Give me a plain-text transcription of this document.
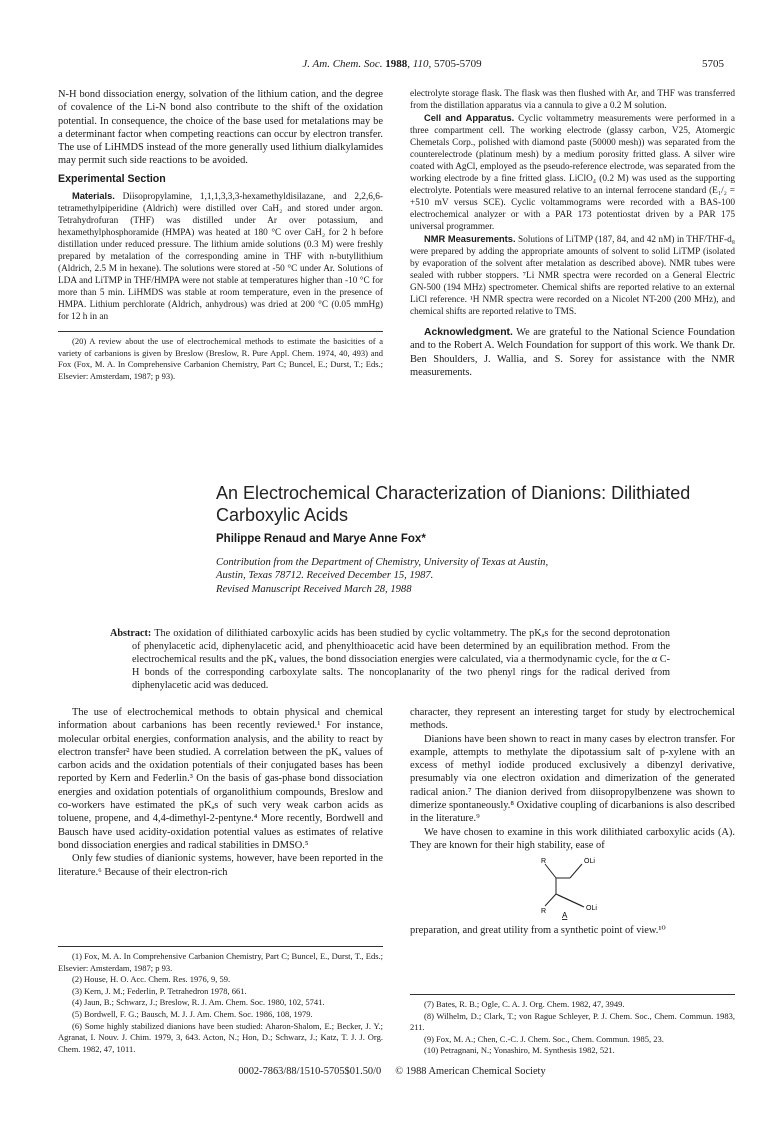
J. Am. Chem. Soc. 1988, 110, 5705-5709	5705

N-H bond dissociation energy, solvation of the lithium cation, and the degree of covalence of the Li-N bond also contribute to the shift of the oxidation potential. In consequence, the choice of the base used for metalations may be a determinant factor when competing reactions can occur by electron transfer. The use of LiHMDS instead of the more generally used lithium dialkylamides may permit such side reactions to be avoided.

Experimental Section

Materials. Diisopropylamine, 1,1,1,3,3,3-hexamethyldisilazane, and 2,2,6,6-tetramethylpiperidine (Aldrich) were distilled over CaH₂ and stored under argon. Tetrahydrofuran (THF) was distilled under Ar over potassium, and hexamethylphosphoramide (HMPA) was heated at 180 °C over CaH₂ for 2 h before distillation under reduced pressure. The lithium amide solutions (0.3 M) were freshly prepared by metalation of the corresponding amine in THF with n-butyllithium (Aldrich, 2.5 M in hexane). The solutions were stored at -50 °C under Ar. Solutions of LDA and LiTMP in THF/HMPA were not stable at temperatures higher than -10 °C for more than 5 min. LiHMDS was stable at room temperature, even in the presence of HMPA. Lithium perchlorate (Aldrich, anhydrous) was dried at 200 °C (0.05 mmHg) for 12 h in an

(20) A review about the use of electrochemical methods to estimate the basicities of a variety of carbanions is given by Breslow (Breslow, R. Pure Appl. Chem. 1974, 40, 493) and Fox (Fox, M. A. In Comprehensive Carbanion Chemistry, Part C; Buncel, E.; Durst, T.; Eds.; Elsevier: Amsterdam, 1987; p 93).

electrolyte storage flask. The flask was then flushed with Ar, and THF was transferred from the distillation apparatus via a cannula to give a 0.2 M solution.

Cell and Apparatus. Cyclic voltammetry measurements were performed in a three compartment cell. The working electrode (glassy carbon, V25, Atomergic Chemetals Corp., polished with diamond paste (50000 mesh)) was separated from the counterelectrode (platinum mesh) by a medium porosity fritted glass. A silver wire coated with AgCl, employed as the pseudo-reference electrode, was separated from the working electrode by a fine fritted glass. LiClO₄ (0.2 M) was used as the supporting electrolyte. Potentials were measured relative to an internal ferrocene standard (E₁/₂ = +510 mV versus SCE). Cyclic voltammograms were recorded with a BAS-100 electrochemical analyzer or with a PAR 173 potentiostat driven by a PAR 175 universal programmer.

NMR Measurements. Solutions of LiTMP (187, 84, and 42 nM) in THF/THF-d₈ were prepared by adding the appropriate amounts of solvent to solid LiTMP (isolated by evaporation of the solvent after metalation as described above). NMR tubes were sealed with rubber stoppers. ⁷Li NMR spectra were recorded on a General Electric GN-500 (194 MHz) spectrometer. Chemical shifts are reported relative to an external LiCl reference. ¹H NMR spectra were recorded on a Nicolet NT-200 (200 MHz), and chemical shifts are reported relative to TMS.

Acknowledgment. We are grateful to the National Science Foundation and to the Robert A. Welch Foundation for support of this work. We thank Dr. Ben Shoulders, J. Wallia, and S. Sorey for assistance with the NMR measurements.

An Electrochemical Characterization of Dianions: Dilithiated Carboxylic Acids
Philippe Renaud and Marye Anne Fox*
Contribution from the Department of Chemistry, University of Texas at Austin,
Austin, Texas 78712. Received December 15, 1987.
Revised Manuscript Received March 28, 1988
Abstract: The oxidation of dilithiated carboxylic acids has been studied by cyclic voltammetry. The pKₐs for the second deprotonation of phenylacetic acid, diphenylacetic acid, and phenylthioacetic acid have been determined by an equilibration method. From the electrochemical results and the pKₐ values, the bond dissociation energies were calculated, via a thermodynamic cycle, for the α C-H bonds of the corresponding carboxylate salts. The noncoplanarity of the two phenyl rings for the radical derived from diphenylacetic acid was deduced.

The use of electrochemical methods to obtain physical and chemical information about carbanions has been recently reviewed.¹ For instance, molecular orbital energies, conformation analysis, and the ability to react by electron transfer² have been studied. A correlation between the pKₐ values of carbon acids and the oxidation potentials of their conjugated bases has been reported by Kern and Federlin.³ On the basis of gas-phase bond dissociation energies and oxidation potentials of organolithium compounds, Breslow and co-workers have estimated the pKₐs of such very weak carbon acids as toluene, propene, and 4,4-dimethyl-2-pentyne.⁴ More recently, Bordwell and Bausch have used acidity-oxidation potential values as estimates of relative bond dissociation energies and radical stabilities in DMSO.⁵

Only few studies of dianionic systems, however, have been reported in the literature.⁶ Because of their electron-rich

(1) Fox, M. A. In Comprehensive Carbanion Chemistry, Part C; Buncel, E., Durst, T., Eds.; Elsevier: Amsterdam, 1987; p 93.

(2) House, H. O. Acc. Chem. Res. 1976, 9, 59.

(3) Kern, J. M.; Federlin, P. Tetrahedron 1978, 661.

(4) Jaun, B.; Schwarz, J.; Breslow, R. J. Am. Chem. Soc. 1980, 102, 5741.

(5) Bordwell, F. G.; Bausch, M. J. J. Am. Chem. Soc. 1986, 108, 1979.

(6) Some highly stabilized dianions have been studied: Aharon-Shalom, E.; Becker, J. Y.; Agranat, I. Nouv. J. Chim. 1979, 3, 643. Acton, N.; Hon, D.; Schwarz, J.; Katz, T. J. J. Org. Chem. 1982, 47, 1011.

character, they represent an interesting target for study by electrochemical methods.

Dianions have been shown to react in many cases by electron transfer. For example, attempts to methylate the dipotassium salt of p-xylene with an excess of methyl iodide produced exclusively a dibenzyl derivative, presumably via one electron oxidation and dimerization of the generated radical anion.⁷ The dianion derived from diisopropylbenzene was shown to dimerize spontaneously.⁸ Oxidative coupling of dicarbanions is also described in the literature.⁹

We have chosen to examine in this work dilithiated carboxylic acids (A). They are known for their high stability, ease of

R	OLi
R	OLi
A

preparation, and great utility from a synthetic point of view.¹⁰

(7) Bates, R. B.; Ogle, C. A. J. Org. Chem. 1982, 47, 3949.

(8) Wilhelm, D.; Clark, T.; von Rague Schleyer, P. J. Chem. Soc., Chem. Commun. 1983, 211.

(9) Fox, M. A.; Chen, C.-C. J. Chem. Soc., Chem. Commun. 1985, 23.

(10) Petragnani, N.; Yonashiro, M. Synthesis 1982, 521.

0002-7863/88/1510-5705$01.50/0 © 1988 American Chemical Society
